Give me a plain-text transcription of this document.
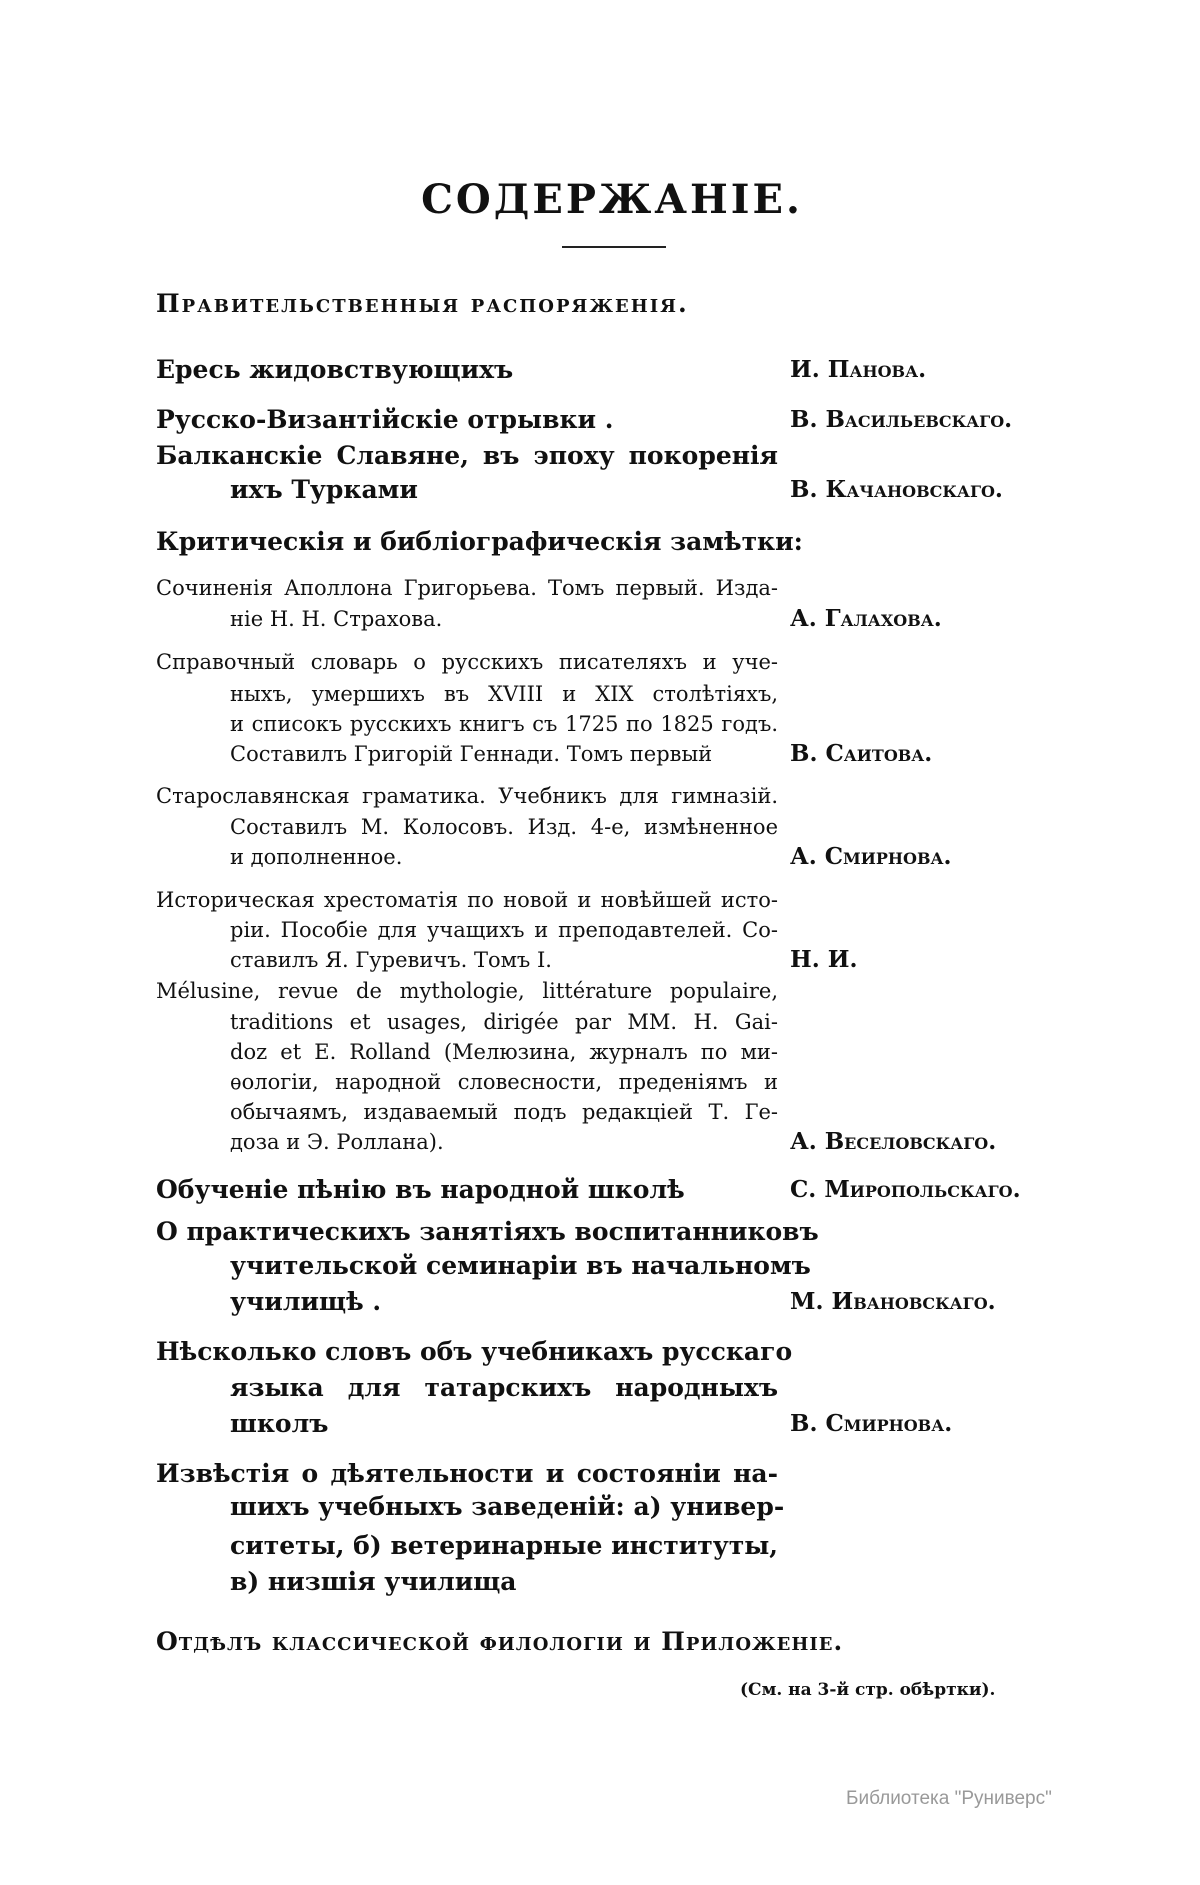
СОДЕРЖАНІЕ.
Правительственныя распоряженія.
Ересь жидовствующихъ	И. Панова.
Русско-Византійскіе отрывки .	В. Васильевскаго.
Балканскіе Славяне, въ эпоху покоренія
ихъ Турками	В. Качановскаго.
Критическія и библіографическія замѣтки:
Сочиненія Аполлона Григорьева. Томъ первый. Изда-
ніе Н. Н. Страхова.	А. Галахова.
Справочный словарь о русскихъ писателяхъ и уче-
ныхъ, умершихъ въ XVIII и XIX столѣтіяхъ,
и списокъ русскихъ книгъ съ 1725 по 1825 годъ.
Составилъ Григорій Геннади. Томъ первый	В. Саитова.
Старославянская граматика. Учебникъ для гимназій.
Составилъ М. Колосовъ. Изд. 4-е, измѣненное
и дополненное.	А. Смирнова.
Историческая хрестоматія по новой и новѣйшей исто-
ріи. Пособіе для учащихъ и преподавтелей. Со-
ставилъ Я. Гуревичъ. Томъ I.	Н. И.
Mélusine, revue de mythologie, littérature populaire,
traditions et usages, dirigée par MM. H. Gai-
doz et E. Rolland (Мелюзина, журналъ по ми-
ѳологіи, народной словесности, преденіямъ и
обычаямъ, издаваемый подъ редакціей Т. Ге-
доза и Э. Роллана).	А. Веселовскаго.
Обученіе пѣнію въ народной школѣ	С. Миропольскаго.
О практическихъ занятіяхъ воспитанниковъ
учительской семинаріи въ начальномъ
училищѣ .	М. Ивановскаго.
Нѣсколько словъ объ учебникахъ русскаго
языка для татарскихъ народныхъ
школъ	В. Смирнова.
Извѣстія о дѣятельности и состояніи на-
шихъ учебныхъ заведеній: а) универ-
ситеты, б) ветеринарные институты,
в) низшія училища
Отдѣлъ классической филологіи и Приложеніе.
(См. на 3-й стр. обѣртки).
Библиотека "Руниверс"
